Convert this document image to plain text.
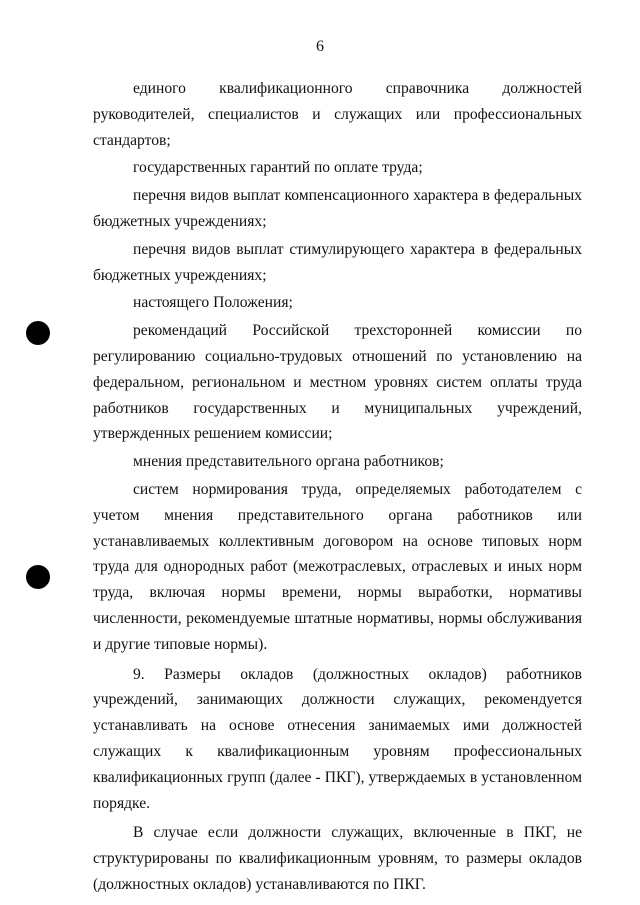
6

единого квалификационного справочника должностей руководителей, специалистов и служащих или профессиональных стандартов;

государственных гарантий по оплате труда;

перечня видов выплат компенсационного характера в федеральных бюджетных учреждениях;

перечня видов выплат стимулирующего характера в федеральных бюджетных учреждениях;

настоящего Положения;

рекомендаций Российской трехсторонней комиссии по регулированию социально-трудовых отношений по установлению на федеральном, региональном и местном уровнях систем оплаты труда работников государственных и муниципальных учреждений, утвержденных решением комиссии;

мнения представительного органа работников;

систем нормирования труда, определяемых работодателем с учетом мнения представительного органа работников или устанавливаемых коллективным договором на основе типовых норм труда для однородных работ (межотраслевых, отраслевых и иных норм труда, включая нормы времени, нормы выработки, нормативы численности, рекомендуемые штатные нормативы, нормы обслуживания и другие типовые нормы).

9. Размеры окладов (должностных окладов) работников учреждений, занимающих должности служащих, рекомендуется устанавливать на основе отнесения занимаемых ими должностей служащих к квалификационным уровням профессиональных квалификационных групп (далее - ПКГ), утверждаемых в установленном порядке.

В случае если должности служащих, включенные в ПКГ, не структурированы по квалификационным уровням, то размеры окладов (должностных окладов) устанавливаются по ПКГ.
